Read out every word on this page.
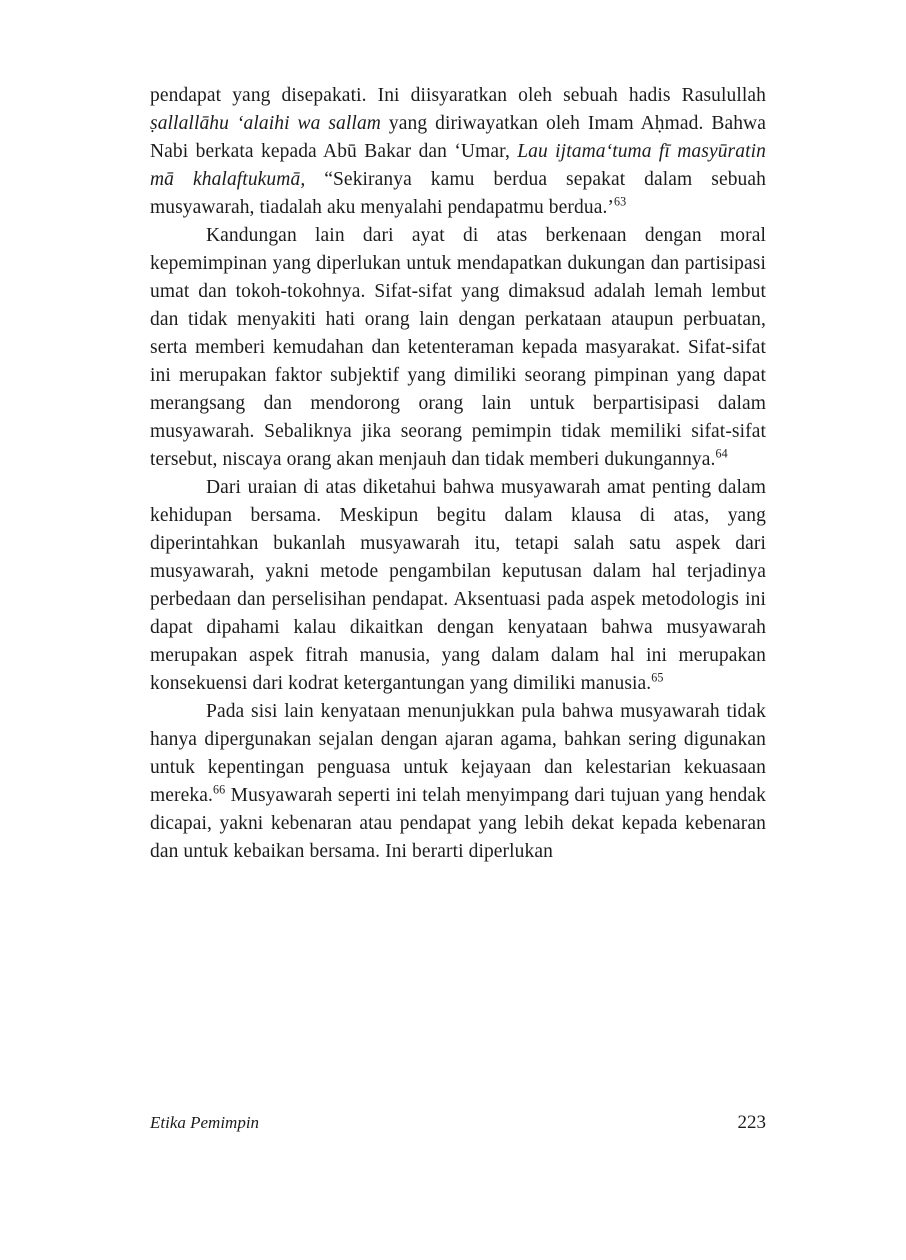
pendapat yang disepakati. Ini diisyaratkan oleh sebuah hadis Rasulullah ṣallallāhu ‘alaihi wa sallam yang diriwayatkan oleh Imam Aḥmad. Bahwa Nabi berkata kepada Abū Bakar dan ‘Umar, Lau ijtama‘tuma fī masyūratin mā khalaftukumā, “Sekiranya kamu berdua sepakat dalam sebuah musyawarah, tiadalah aku menyalahi pendapatmu berdua.’$^{63}$

Kandungan lain dari ayat di atas berkenaan dengan moral kepemimpinan yang diperlukan untuk mendapatkan dukungan dan partisipasi umat dan tokoh-tokohnya. Sifat-sifat yang dimaksud adalah lemah lembut dan tidak menyakiti hati orang lain dengan perkataan ataupun perbuatan, serta memberi kemudahan dan ketenteraman kepada masyarakat. Sifat-sifat ini merupakan faktor subjektif yang dimiliki seorang pimpinan yang dapat merangsang dan mendorong orang lain untuk berpartisipasi dalam musyawarah. Sebaliknya jika seorang pemimpin tidak memiliki sifat-sifat tersebut, niscaya orang akan menjauh dan tidak memberi dukungannya.$^{64}$

Dari uraian di atas diketahui bahwa musyawarah amat penting dalam kehidupan bersama. Meskipun begitu dalam klausa di atas, yang diperintahkan bukanlah musyawarah itu, tetapi salah satu aspek dari musyawarah, yakni metode pengambilan keputusan dalam hal terjadinya perbedaan dan perselisihan pendapat. Aksentuasi pada aspek metodologis ini dapat dipahami kalau dikaitkan dengan kenyataan bahwa musyawarah merupakan aspek fitrah manusia, yang dalam dalam hal ini merupakan konsekuensi dari kodrat ketergantungan yang dimiliki manusia.$^{65}$

Pada sisi lain kenyataan menunjukkan pula bahwa musyawarah tidak hanya dipergunakan sejalan dengan ajaran agama, bahkan sering digunakan untuk kepentingan penguasa untuk kejayaan dan kelestarian kekuasaan mereka.$^{66}$ Musyawarah seperti ini telah menyimpang dari tujuan yang hendak dicapai, yakni kebenaran atau pendapat yang lebih dekat kepada kebenaran dan untuk kebaikan bersama. Ini berarti diperlukan

Etika Pemimpin	223
